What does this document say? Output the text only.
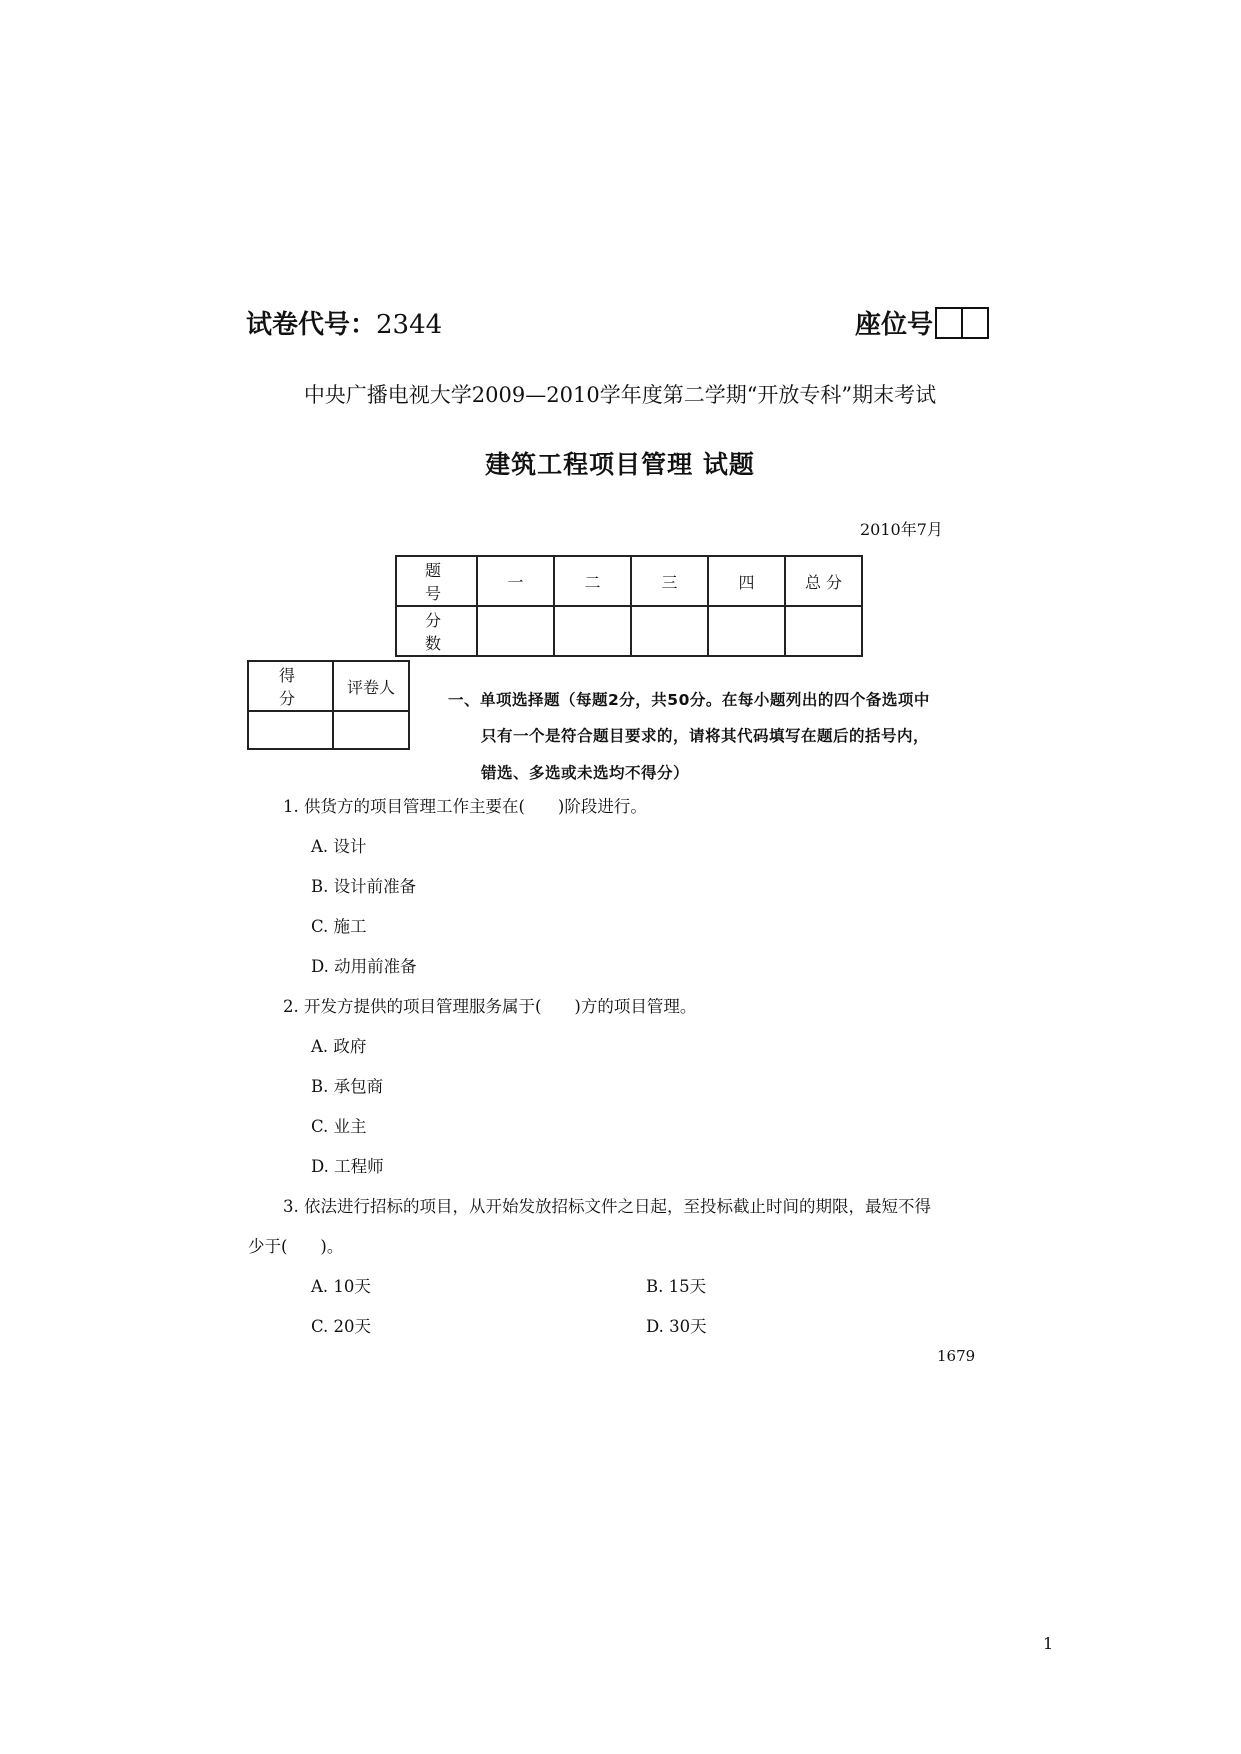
试卷代号：2344	座位号
中央广播电视大学2009—2010学年度第二学期“开放专科”期末考试
建筑工程项目管理 试题
2010年7月
题 号	一	二	三	四	总 分
分 数					
得 分	评卷人

一、单项选择题（每题2分，共50分。在每小题列出的四个备选项中
只有一个是符合题目要求的，请将其代码填写在题后的括号内，
错选、多选或未选均不得分）
1. 供货方的项目管理工作主要在(　　)阶段进行。
A. 设计
B. 设计前准备
C. 施工
D. 动用前准备
2. 开发方提供的项目管理服务属于(　　)方的项目管理。
A. 政府
B. 承包商
C. 业主
D. 工程师
3. 依法进行招标的项目，从开始发放招标文件之日起，至投标截止时间的期限，最短不得
少于(　　)。
A. 10天	B. 15天
C. 20天	D. 30天
1679
1
